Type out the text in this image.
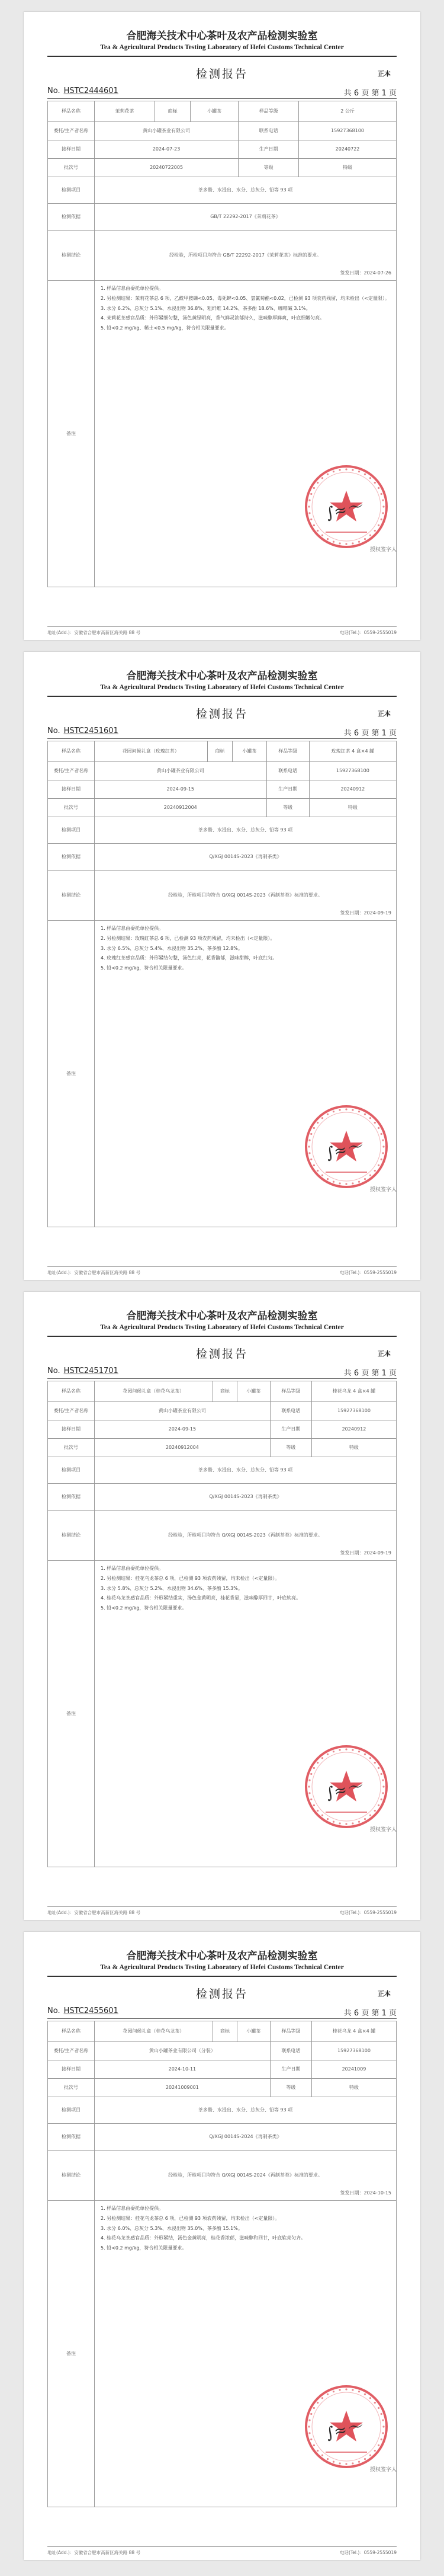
合肥海关技术中心茶叶及农产品检测实验室
Tea & Agricultural Products Testing Laboratory of Hefei Customs Technical Center
检测报告	正本
No. HSTC2444601	共 6 页 第 1 页
样品名称	茉莉花茶	商标	小罐茶	样品等级	2 公斤
委托/生产者名称	黄山小罐茶业有限公司			联系电话	15927368100
接样日期	2024-07-23			生产日期	20240722
批次号	20240722005			等级	特级
检测项目	茶多酚、水浸出、水分、总灰分、铅等 93 项				
检测依据	GB/T 22292-2017《茉莉花茶》				
检测结论	经检验，所检项目均符合 GB/T 22292-2017《茉莉花茶》标准的要求。
签发日期：2024-07-26				

备注	1. 样品信息由委托单位提供。
2. 另检测结果：茉莉花茶总 6 项，乙酰甲胺磷<0.05、毒死蜱<0.05、氯氰菊酯<0.02，已检测 93 项农药残留，均未检出（<定量限）。
3. 水分 6.2%、总灰分 5.1%、水浸出物 36.8%、粗纤维 14.2%、茶多酚 18.6%、咖啡碱 3.1%。
4. 茉莉花茶感官品质：外形紧细匀整，汤色黄绿明亮，香气鲜灵浓郁持久，滋味醇厚鲜爽，叶底细嫩匀亮。
5. 铅<0.2 mg/kg、稀土<0.5 mg/kg，符合相关限量要求。				
∫≈〜
授权签字人
地址(Add.)：安徽省合肥市高新区海关路 88 号	电话(Tel.)：0559-2555019
合肥海关技术中心茶叶及农产品检测实验室
Tea & Agricultural Products Testing Laboratory of Hefei Customs Technical Center
检测报告	正本
No. HSTC2451601	共 6 页 第 1 页
样品名称	花园问候礼盒（玫瑰红茶）	商标	小罐茶	样品等级	玫瑰红茶 4 盒×4 罐
委托/生产者名称	黄山小罐茶业有限公司			联系电话	15927368100
接样日期	2024-09-15			生产日期	20240912
批次号	20240912004			等级	特级
检测项目	茶多酚、水浸出、水分、总灰分、铅等 93 项				
检测依据	Q/XGJ 0014S-2023《再制茶类》				
检测结论	经检验，所检项目均符合 Q/XGJ 0014S-2023《再制茶类》标准的要求。
签发日期：2024-09-19				

备注	1. 样品信息由委托单位提供。
2. 另检测结果：玫瑰红茶总 6 项，已检测 93 项农药残留，均未检出（<定量限）。
3. 水分 6.5%、总灰分 5.4%、水浸出物 35.2%、茶多酚 12.8%。
4. 玫瑰红茶感官品质：外形紧结匀整，汤色红亮，花香馥郁，滋味甜醇，叶底红匀。
5. 铅<0.2 mg/kg，符合相关限量要求。				
∫≈〜
授权签字人
地址(Add.)：安徽省合肥市高新区海关路 88 号	电话(Tel.)：0559-2555019
合肥海关技术中心茶叶及农产品检测实验室
Tea & Agricultural Products Testing Laboratory of Hefei Customs Technical Center
检测报告	正本
No. HSTC2451701	共 6 页 第 1 页
样品名称	花园问候礼盒（桂花乌龙茶）	商标	小罐茶	样品等级	桂花乌龙 4 盒×4 罐
委托/生产者名称	黄山小罐茶业有限公司			联系电话	15927368100
接样日期	2024-09-15			生产日期	20240912
批次号	20240912004			等级	特级
检测项目	茶多酚、水浸出、水分、总灰分、铅等 93 项				
检测依据	Q/XGJ 0014S-2023《再制茶类》				
检测结论	经检验，所检项目均符合 Q/XGJ 0014S-2023《再制茶类》标准的要求。
签发日期：2024-09-19				

备注	1. 样品信息由委托单位提供。
2. 另检测结果：桂花乌龙茶总 6 项，已检测 93 项农药残留，均未检出（<定量限）。
3. 水分 5.8%、总灰分 5.2%、水浸出物 34.6%、茶多酚 15.3%。
4. 桂花乌龙茶感官品质：外形紧结重实，汤色金黄明亮，桂花香显，滋味醇厚回甘，叶底软亮。
5. 铅<0.2 mg/kg，符合相关限量要求。				
∫≈〜
授权签字人
地址(Add.)：安徽省合肥市高新区海关路 88 号	电话(Tel.)：0559-2555019
合肥海关技术中心茶叶及农产品检测实验室
Tea & Agricultural Products Testing Laboratory of Hefei Customs Technical Center
检测报告	正本
No. HSTC2455601	共 6 页 第 1 页
样品名称	花园问候礼盒（桂花乌龙茶）	商标	小罐茶	样品等级	桂花乌龙 4 盒×4 罐
委托/生产者名称	黄山小罐茶业有限公司（分装）			联系电话	15927368100
接样日期	2024-10-11			生产日期	20241009
批次号	20241009001			等级	特级
检测项目	茶多酚、水浸出、水分、总灰分、铅等 93 项				
检测依据	Q/XGJ 0014S-2024《再制茶类》				
检测结论	经检验，所检项目均符合 Q/XGJ 0014S-2024《再制茶类》标准的要求。
签发日期：2024-10-15				

备注	1. 样品信息由委托单位提供。
2. 另检测结果：桂花乌龙茶总 6 项，已检测 93 项农药残留，均未检出（<定量限）。
3. 水分 6.0%、总灰分 5.3%、水浸出物 35.0%、茶多酚 15.1%。
4. 桂花乌龙茶感官品质：外形紧结，汤色金黄明亮，桂花香浓郁，滋味醇和回甘，叶底软亮匀齐。
5. 铅<0.2 mg/kg，符合相关限量要求。				
∫≈〜
授权签字人
地址(Add.)：安徽省合肥市高新区海关路 88 号	电话(Tel.)：0559-2555019
